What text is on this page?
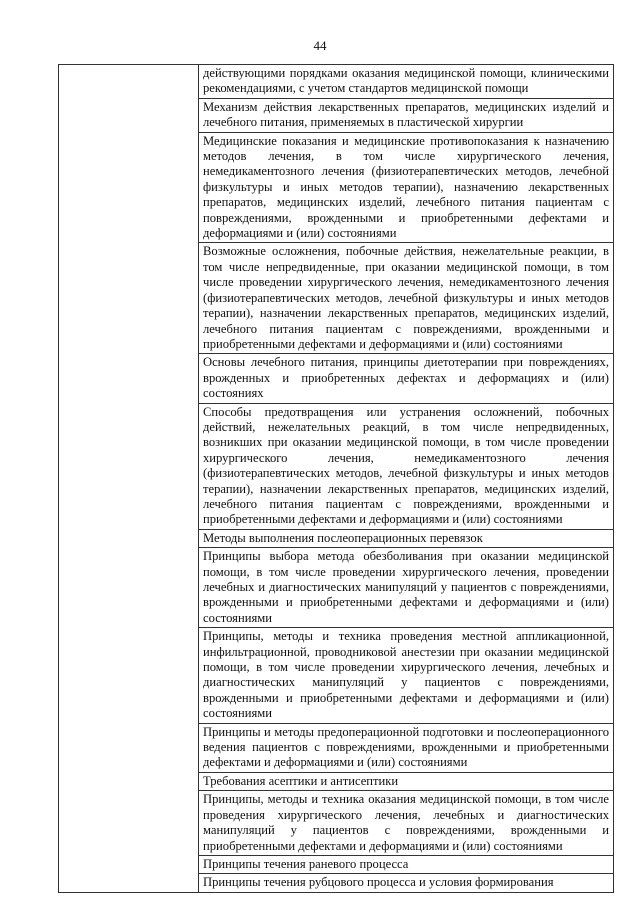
44
	действующими порядками оказания медицинской помощи, клиническими рекомендациями, с учетом стандартов медицинской помощи
Механизм действия лекарственных препаратов, медицинских изделий и лечебного питания, применяемых в пластической хирургии
Медицинские показания и медицинские противопоказания к назначению методов лечения, в том числе хирургического лечения, немедикаментозного лечения (физиотерапевтических методов, лечебной физкультуры и иных методов терапии), назначению лекарственных препаратов, медицинских изделий, лечебного питания пациентам с повреждениями, врожденными и приобретенными дефектами и деформациями и (или) состояниями
Возможные осложнения, побочные действия, нежелательные реакции, в том числе непредвиденные, при оказании медицинской помощи, в том числе проведении хирургического лечения, немедикаментозного лечения (физиотерапевтических методов, лечебной физкультуры и иных методов терапии), назначении лекарственных препаратов, медицинских изделий, лечебного питания пациентам с повреждениями, врожденными и приобретенными дефектами и деформациями и (или) состояниями
Основы лечебного питания, принципы диетотерапии при повреждениях, врожденных и приобретенных дефектах и деформациях и (или) состояниях
Способы предотвращения или устранения осложнений, побочных действий, нежелательных реакций, в том числе непредвиденных, возникших при оказании медицинской помощи, в том числе проведении хирургического лечения, немедикаментозного лечения (физиотерапевтических методов, лечебной физкультуры и иных методов терапии), назначении лекарственных препаратов, медицинских изделий, лечебного питания пациентам с повреждениями, врожденными и приобретенными дефектами и деформациями и (или) состояниями
Методы выполнения послеоперационных перевязок
Принципы выбора метода обезболивания при оказании медицинской помощи, в том числе проведении хирургического лечения, проведении лечебных и диагностических манипуляций у пациентов с повреждениями, врожденными и приобретенными дефектами и деформациями и (или) состояниями
Принципы, методы и техника проведения местной аппликационной, инфильтрационной, проводниковой анестезии при оказании медицинской помощи, в том числе проведении хирургического лечения, лечебных и диагностических манипуляций у пациентов с повреждениями, врожденными и приобретенными дефектами и деформациями и (или) состояниями
Принципы и методы предоперационной подготовки и послеоперационного ведения пациентов с повреждениями, врожденными и приобретенными дефектами и деформациями и (или) состояниями
Требования асептики и антисептики
Принципы, методы и техника оказания медицинской помощи, в том числе проведения хирургического лечения, лечебных и диагностических манипуляций у пациентов с повреждениями, врожденными и приобретенными дефектами и деформациями и (или) состояниями
Принципы течения раневого процесса
Принципы течения рубцового процесса и условия формирования
